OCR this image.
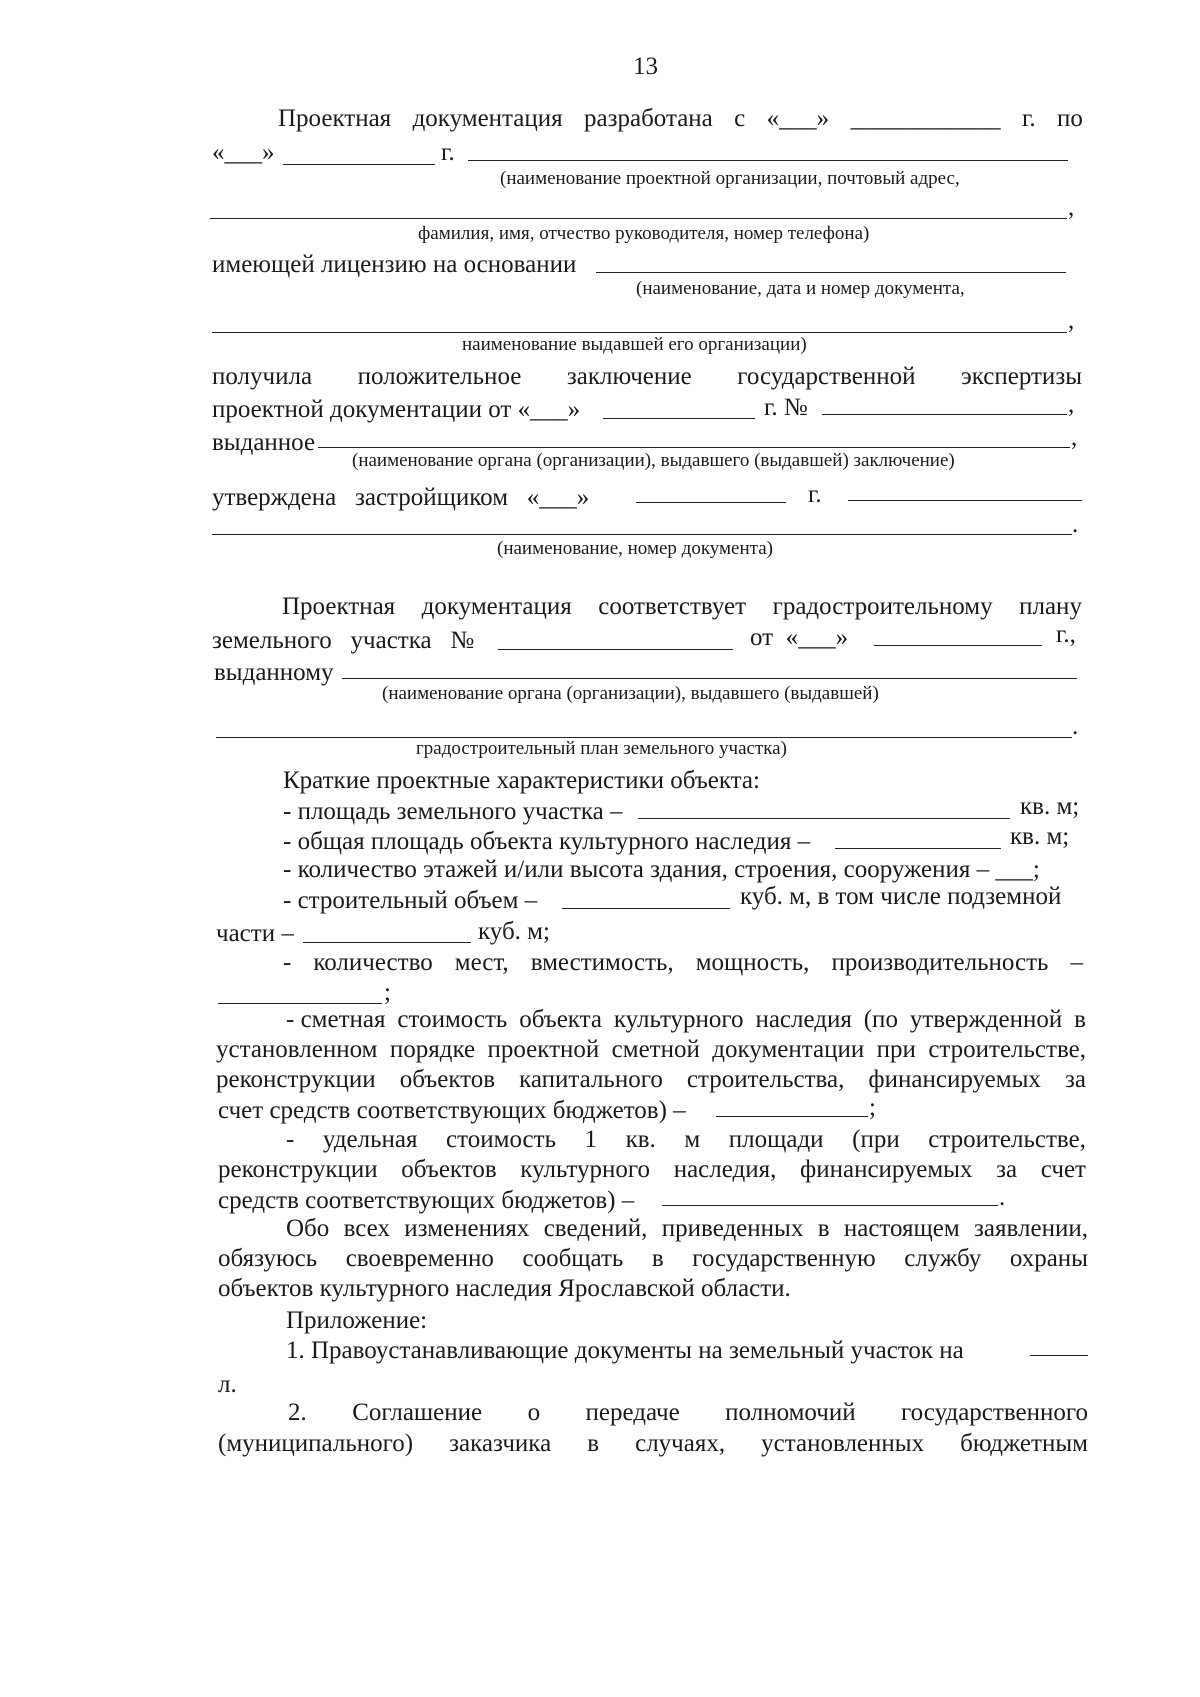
13
Проектная документация разработана с «___» ____________ г. по
«___»	г.
(наименование проектной организации, почтовый адрес,
,
фамилия, имя, отчество руководителя, номер телефона)
имеющей лицензию на основании
(наименование, дата и номер документа,
,
наименование выдавшей его организации)
получила положительное заключение государственной экспертизы
проектной документации от «___»	г. №	,
выданное	,
(наименование органа (организации), выдавшего (выдавшей) заключение)
утверждена   застройщиком   «___»	г.
.
(наименование, номер документа)
Проектная документация соответствует градостроительному плану
земельного   участка   №	от  «___»	г.,
выданному
(наименование органа (организации), выдавшего (выдавшей)
.
градостроительный план земельного участка)
Краткие проектные характеристики объекта:
- площадь земельного участка –	кв. м;
- общая площадь объекта культурного наследия –	кв. м;
- количество этажей и/или высота здания, строения, сооружения – ___;
- строительный объем –	куб. м, в том числе подземной
части –	куб. м;
- количество мест, вместимость, мощность, производительность –
;
- сметная стоимость объекта культурного наследия (по утвержденной в
установленном порядке проектной сметной документации при строительстве,
реконструкции объектов капитального строительства, финансируемых за
счет средств соответствующих бюджетов) –	;
- удельная стоимость 1 кв. м площади (при строительстве,
реконструкции объектов культурного наследия, финансируемых за счет
средств соответствующих бюджетов) –	.
Обо всех изменениях сведений, приведенных в настоящем заявлении,
обязуюсь своевременно сообщать в государственную службу охраны
объектов культурного наследия Ярославской области.
Приложение:
1. Правоустанавливающие документы на земельный участок на
л.
2. Соглашение о передаче полномочий государственного
(муниципального) заказчика в случаях, установленных бюджетным
